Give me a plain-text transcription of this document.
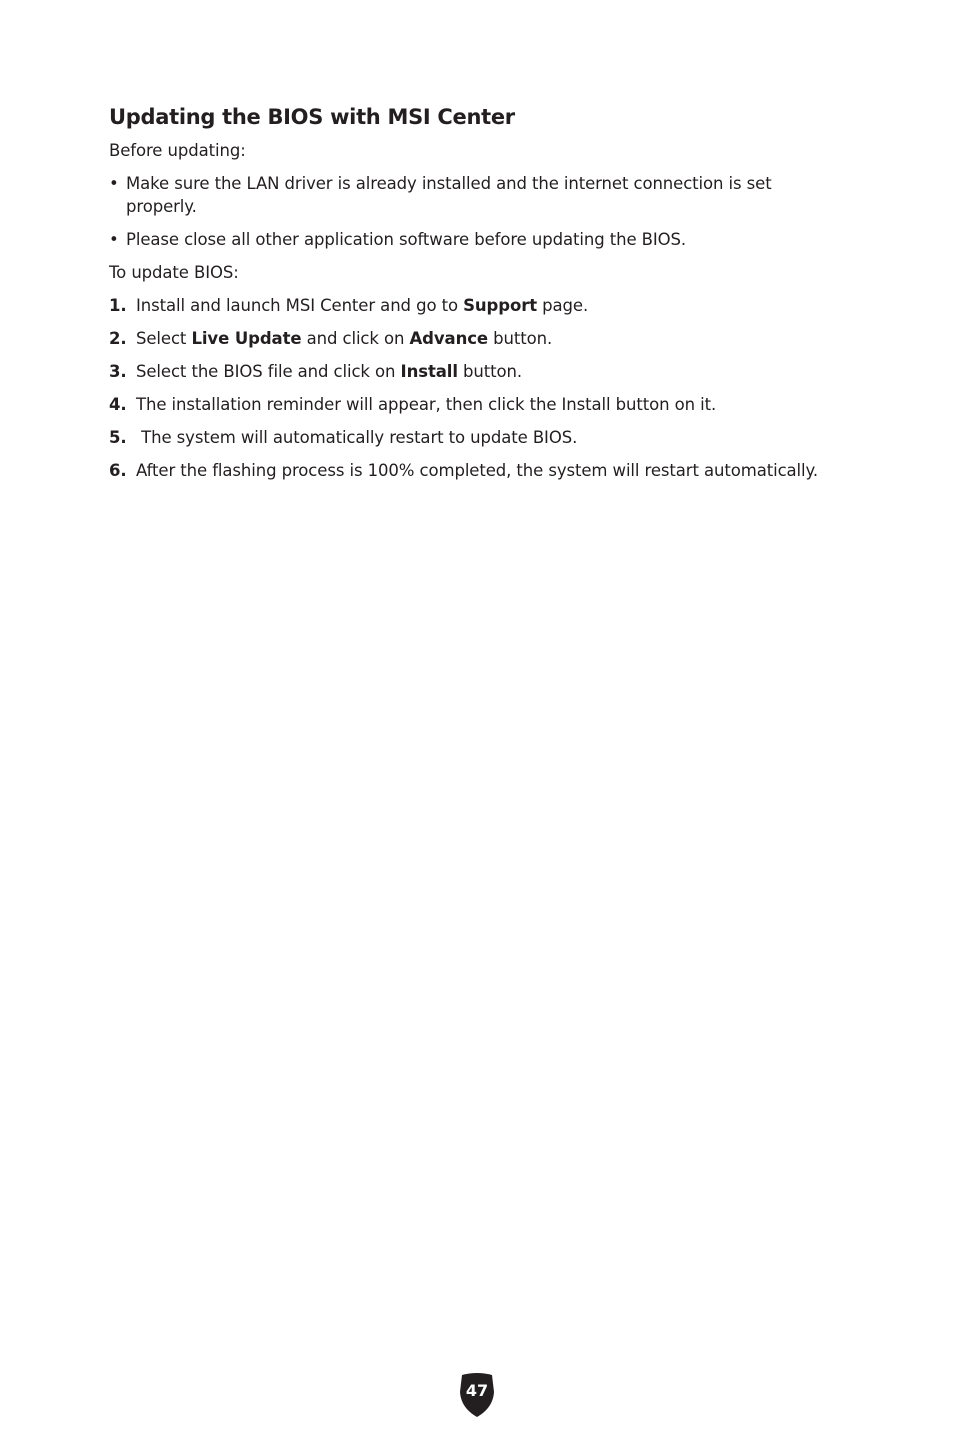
Updating the BIOS with MSI Center

Before updating:

• Make sure the LAN driver is already installed and the internet connection is set properly.
• Please close all other application software before updating the BIOS.

To update BIOS:

1. Install and launch MSI Center and go to Support page.
2. Select Live Update and click on Advance button.
3. Select the BIOS file and click on Install button.
4. The installation reminder will appear, then click the Install button on it.
5. The system will automatically restart to update BIOS.
6. After the flashing process is 100% completed, the system will restart automatically.
47
